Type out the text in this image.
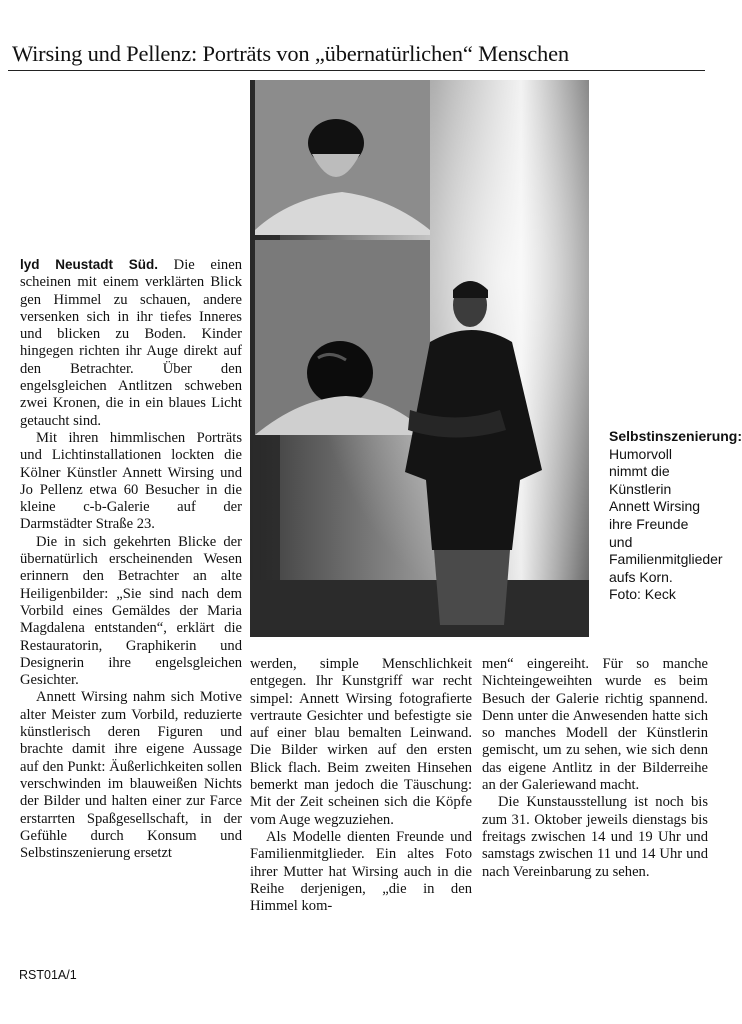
Wirsing und Pellenz: Porträts von „übernatürlichen“ Menschen

lyd Neustadt Süd. Die einen scheinen mit einem verklärten Blick gen Himmel zu schauen, andere versenken sich in ihr tiefes Inneres und blicken zu Boden. Kinder hingegen richten ihr Auge direkt auf den Betrachter. Über den engelsgleichen Antlitzen schweben zwei Kronen, die in ein blaues Licht getaucht sind.

Mit ihren himmlischen Porträts und Lichtinstallationen lockten die Kölner Künstler Annett Wirsing und Jo Pellenz etwa 60 Besucher in die kleine c-b-Galerie auf der Darmstädter Straße 23.

Die in sich gekehrten Blicke der übernatürlich erscheinenden Wesen erinnern den Betrachter an alte Heiligenbilder: „Sie sind nach dem Vorbild eines Gemäldes der Maria Magdalena entstanden“, erklärt die Restauratorin, Graphikerin und Designerin ihre engelsgleichen Gesichter.

Annett Wirsing nahm sich Motive alter Meister zum Vorbild, reduzierte künstlerisch deren Figuren und brachte damit ihre eigene Aussage auf den Punkt: Äußerlichkeiten sollen verschwinden im blauweißen Nichts der Bilder und halten einer zur Farce erstarrten Spaßgesellschaft, in der Gefühle durch Konsum und Selbstinszenierung ersetzt

Selbstinszenierung: Humorvoll nimmt die Künstlerin Annett Wirsing ihre Freunde und Familienmitglieder aufs Korn. Foto: Keck

werden, simple Menschlichkeit entgegen. Ihr Kunstgriff war recht simpel: Annett Wirsing fotografierte vertraute Gesichter und befestigte sie auf einer blau bemalten Leinwand. Die Bilder wirken auf den ersten Blick flach. Beim zweiten Hinsehen bemerkt man jedoch die Täuschung: Mit der Zeit scheinen sich die Köpfe vom Auge wegzuziehen.

Als Modelle dienten Freunde und Familienmitglieder. Ein altes Foto ihrer Mutter hat Wirsing auch in die Reihe derjenigen, „die in den Himmel kom-

men“ eingereiht. Für so manche Nichteingeweihten wurde es beim Besuch der Galerie richtig spannend. Denn unter die Anwesenden hatte sich so manches Modell der Künstlerin gemischt, um zu sehen, wie sich denn das eigene Antlitz in der Bilderreihe an der Galeriewand macht.

Die Kunstausstellung ist noch bis zum 31. Oktober jeweils dienstags bis freitags zwischen 14 und 19 Uhr und samstags zwischen 11 und 14 Uhr und nach Vereinbarung zu sehen.

RST01A/1
